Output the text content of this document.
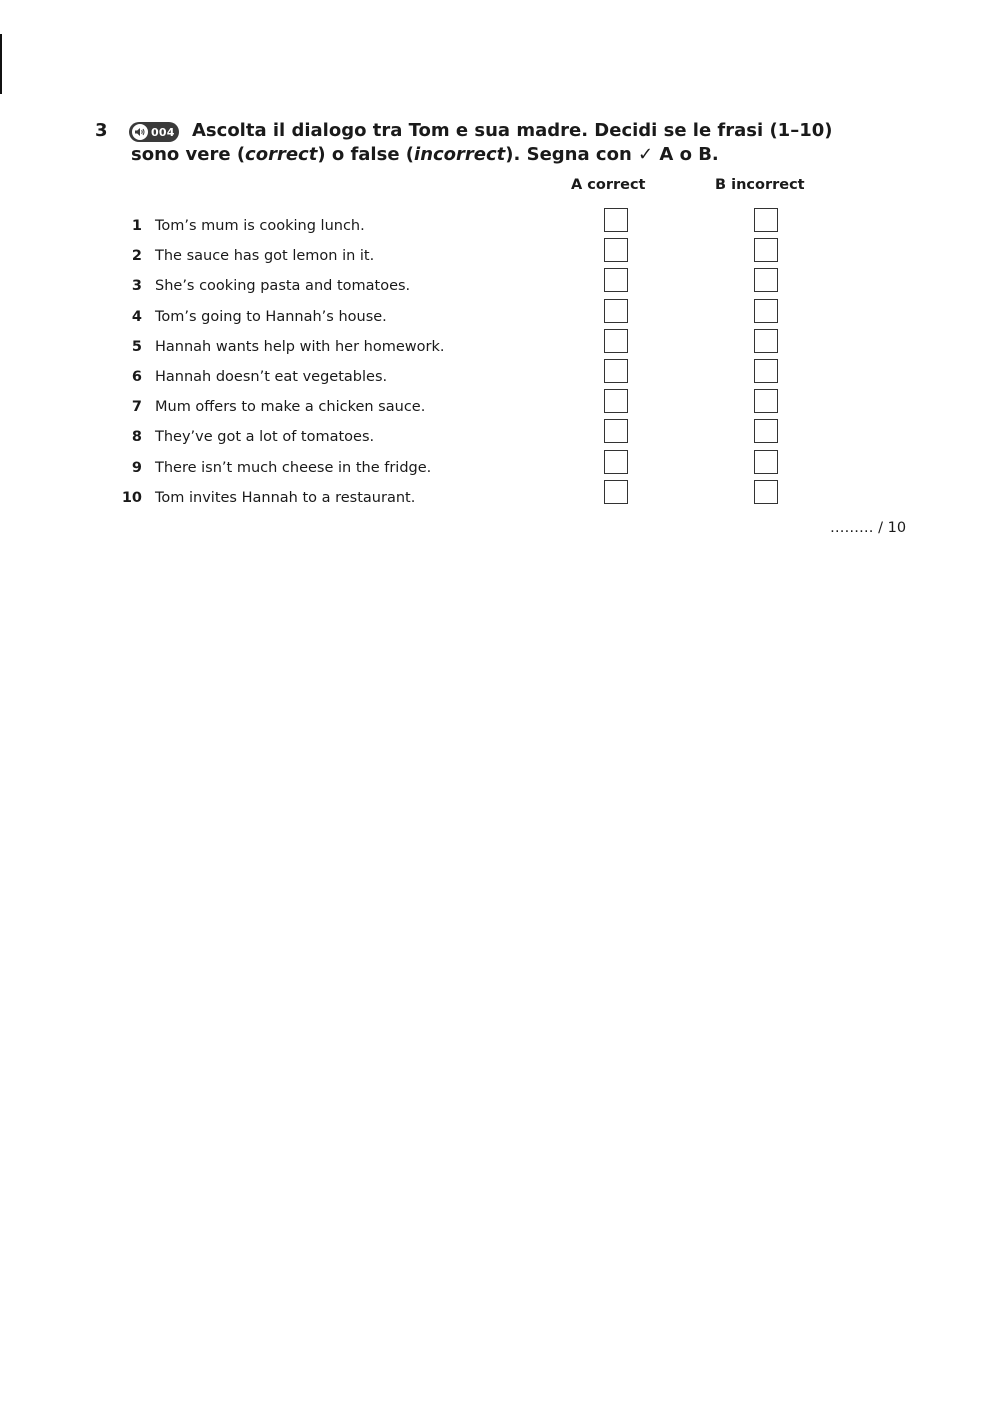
3	004 Ascolta il dialogo tra Tom e sua madre. Decidi se le frasi (1–10)
sono vere (correct) o false (incorrect). Segna con ✓ A o B.
A correct	B incorrect
1 Tom’s mum is cooking lunch.
2 The sauce has got lemon in it.
3 She’s cooking pasta and tomatoes.
4 Tom’s going to Hannah’s house.
5 Hannah wants help with her homework.
6 Hannah doesn’t eat vegetables.
7 Mum offers to make a chicken sauce.
8 They’ve got a lot of tomatoes.
9 There isn’t much cheese in the fridge.
10 Tom invites Hannah to a restaurant.
……… / 10
